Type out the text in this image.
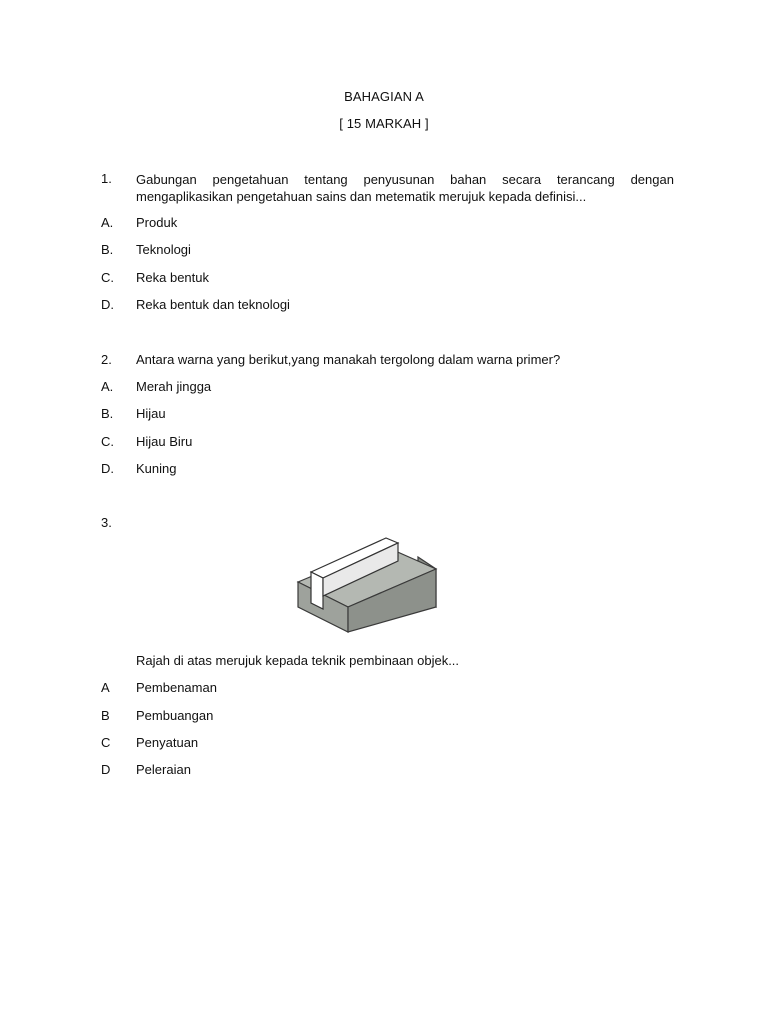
BAHAGIAN A
[ 15 MARKAH ]
1. Gabungan pengetahuan tentang penyusunan bahan secara terancang dengan
mengaplikasikan pengetahuan sains dan metematik merujuk kepada definisi...
A. Produk
B. Teknologi
C. Reka bentuk
D. Reka bentuk dan teknologi
2. Antara warna yang berikut,yang manakah tergolong dalam warna primer?
A. Merah jingga
B. Hijau
C. Hijau Biru
D. Kuning
3.
Rajah di atas merujuk kepada teknik pembinaan objek...
A Pembenaman
B Pembuangan
C Penyatuan
D Peleraian
